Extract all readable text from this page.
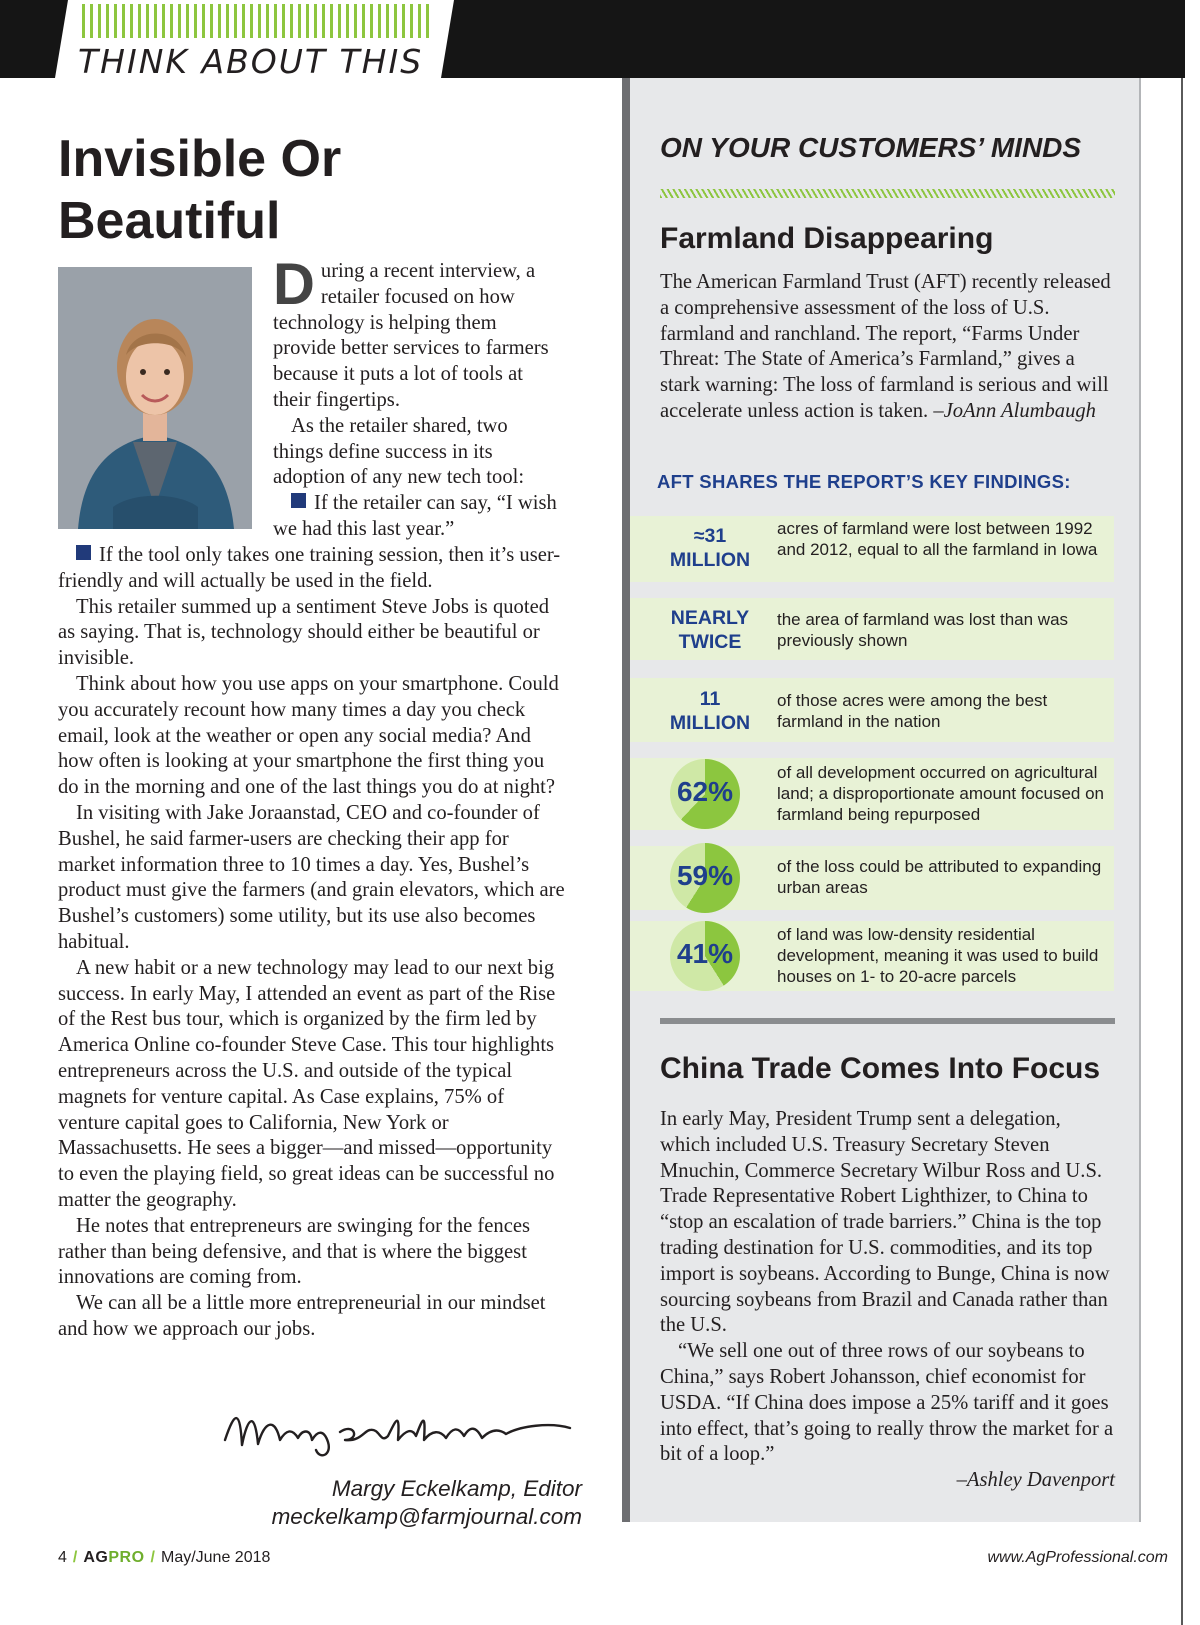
THINK ABOUT THIS
Invisible Or Beautiful

D uring a recent interview, a retailer focused on how technology is helping them provide better services to farmers because it puts a lot of tools at their fingertips.

As the retailer shared, two things define success in its adoption of any new tech tool:

If the retailer can say, “I wish we had this last year.”

If the tool only takes one training session, then it’s user-friendly and will actually be used in the field.

This retailer summed up a sentiment Steve Jobs is quoted as saying. That is, technology should either be beautiful or invisible.

Think about how you use apps on your smartphone. Could you accurately recount how many times a day you check email, look at the weather or open any social media? And how often is looking at your smartphone the first thing you do in the morning and one of the last things you do at night?

In visiting with Jake Joraanstad, CEO and co-founder of Bushel, he said farmer-users are checking their app for market information three to 10 times a day. Yes, Bushel’s product must give the farmers (and grain elevators, which are Bushel’s customers) some utility, but its use also becomes habitual.

A new habit or a new technology may lead to our next big success. In early May, I attended an event as part of the Rise of the Rest bus tour, which is organized by the firm led by America Online co-founder Steve Case. This tour highlights entrepreneurs across the U.S. and outside of the typical magnets for venture capital. As Case explains, 75% of venture capital goes to California, New York or Massachusetts. He sees a bigger—and missed—opportunity to even the playing field, so great ideas can be successful no matter the geography.

He notes that entrepreneurs are swinging for the fences rather than being defensive, and that is where the biggest innovations are coming from.

We can all be a little more entrepreneurial in our mindset and how we approach our jobs.

Margy Eckelkamp, Editor
meckelkamp@farmjournal.com
4 / AGPRO / May/June 2018	www.AgProfessional.com
ON YOUR CUSTOMERS’ MINDS
Farmland Disappearing

The American Farmland Trust (AFT) recently released a comprehensive assessment of the loss of U.S. farmland and ranchland. The report, “Farms Under Threat: The State of America’s Farmland,” gives a stark warning: The loss of farmland is serious and will accelerate unless action is taken. –JoAnn Alumbaugh

AFT SHARES THE REPORT’S KEY FINDINGS:
≈31
MILLION
acres of farmland were lost between 1992 and 2012, equal to all the farmland in Iowa
NEARLY
TWICE
the area of farmland was lost than was previously shown
11
MILLION
of those acres were among the best farmland in the nation
62%
of all development occurred on agricultural land; a disproportionate amount focused on farmland being repurposed
59%	of the loss could be attributed to expanding urban areas
41%
of land was low-density residential development, meaning it was used to build houses on 1- to 20-acre parcels
China Trade Comes Into Focus

In early May, President Trump sent a delegation, which included U.S. Treasury Secretary Steven Mnuchin, Commerce Secretary Wilbur Ross and U.S. Trade Representative Robert Lighthizer, to China to “stop an escalation of trade barriers.” China is the top trading destination for U.S. commodities, and its top import is soybeans. According to Bunge, China is now sourcing soybeans from Brazil and Canada rather than the U.S.

“We sell one out of three rows of our soybeans to China,” says Robert Johansson, chief economist for USDA. “If China does impose a 25% tariff and it goes into effect, that’s going to really throw the market for a bit of a loop.”

–Ashley Davenport
